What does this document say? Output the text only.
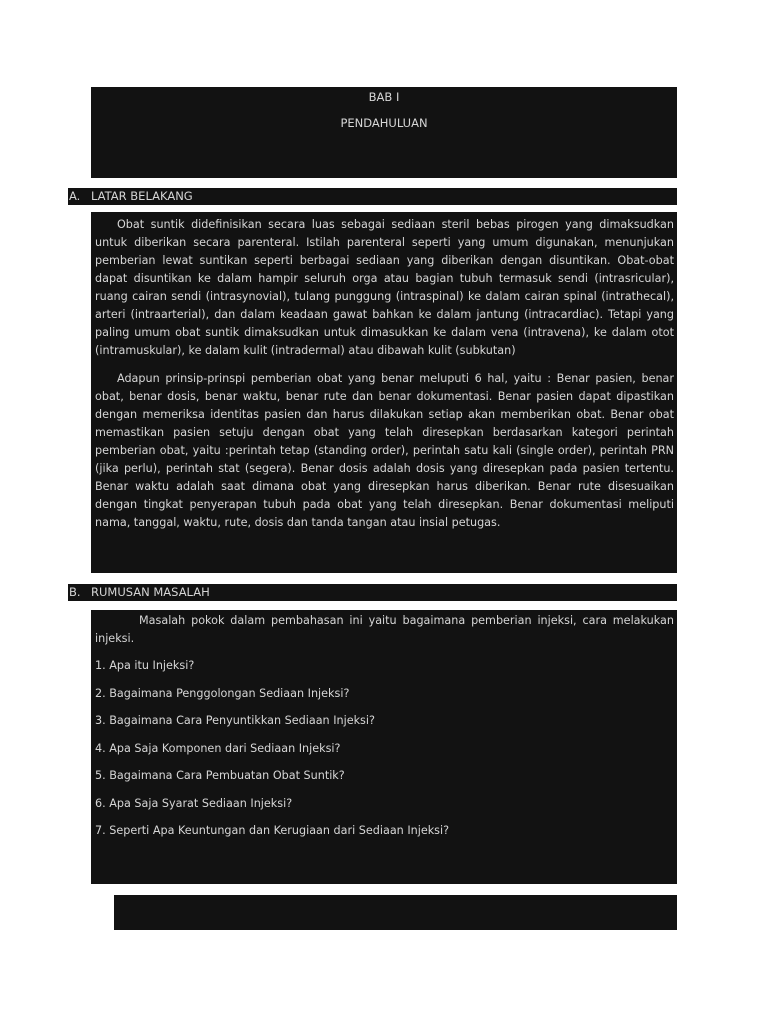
BAB I
PENDAHULUAN
A. LATAR BELAKANG

Obat suntik didefinisikan secara luas sebagai sediaan steril bebas pirogen yang dimaksudkan untuk diberikan secara parenteral. Istilah parenteral seperti yang umum digunakan, menunjukan pemberian lewat suntikan seperti berbagai sediaan yang diberikan dengan disuntikan. Obat-obat dapat disuntikan ke dalam hampir seluruh orga atau bagian tubuh termasuk sendi (intrasricular), ruang cairan sendi (intrasynovial), tulang punggung (intraspinal) ke dalam cairan spinal (intrathecal), arteri (intraarterial), dan dalam keadaan gawat bahkan ke dalam jantung (intracardiac). Tetapi yang paling umum obat suntik dimaksudkan untuk dimasukkan ke dalam vena (intravena), ke dalam otot (intramuskular), ke dalam kulit (intradermal) atau dibawah kulit (subkutan)

Adapun prinsip-prinspi pemberian obat yang benar meluputi 6 hal, yaitu : Benar pasien, benar obat, benar dosis, benar waktu, benar rute dan benar dokumentasi. Benar pasien dapat dipastikan dengan memeriksa identitas pasien dan harus dilakukan setiap akan memberikan obat. Benar obat memastikan pasien setuju dengan obat yang telah diresepkan berdasarkan kategori perintah pemberian obat, yaitu :perintah tetap (standing order), perintah satu kali (single order), perintah PRN (jika perlu), perintah stat (segera). Benar dosis adalah dosis yang diresepkan pada pasien tertentu. Benar waktu adalah saat dimana obat yang diresepkan harus diberikan. Benar rute disesuaikan dengan tingkat penyerapan tubuh pada obat yang telah diresepkan. Benar dokumentasi meliputi nama, tanggal, waktu, rute, dosis dan tanda tangan atau insial petugas.

B. RUMUSAN MASALAH

Masalah pokok dalam pembahasan ini yaitu bagaimana pemberian injeksi, cara melakukan injeksi.

1. Apa itu Injeksi?
2. Bagaimana Penggolongan Sediaan Injeksi?
3. Bagaimana Cara Penyuntikkan Sediaan Injeksi?
4. Apa Saja Komponen dari Sediaan Injeksi?
5. Bagaimana Cara Pembuatan Obat Suntik?
6. Apa Saja Syarat Sediaan Injeksi?
7. Seperti Apa Keuntungan dan Kerugiaan dari Sediaan Injeksi?
